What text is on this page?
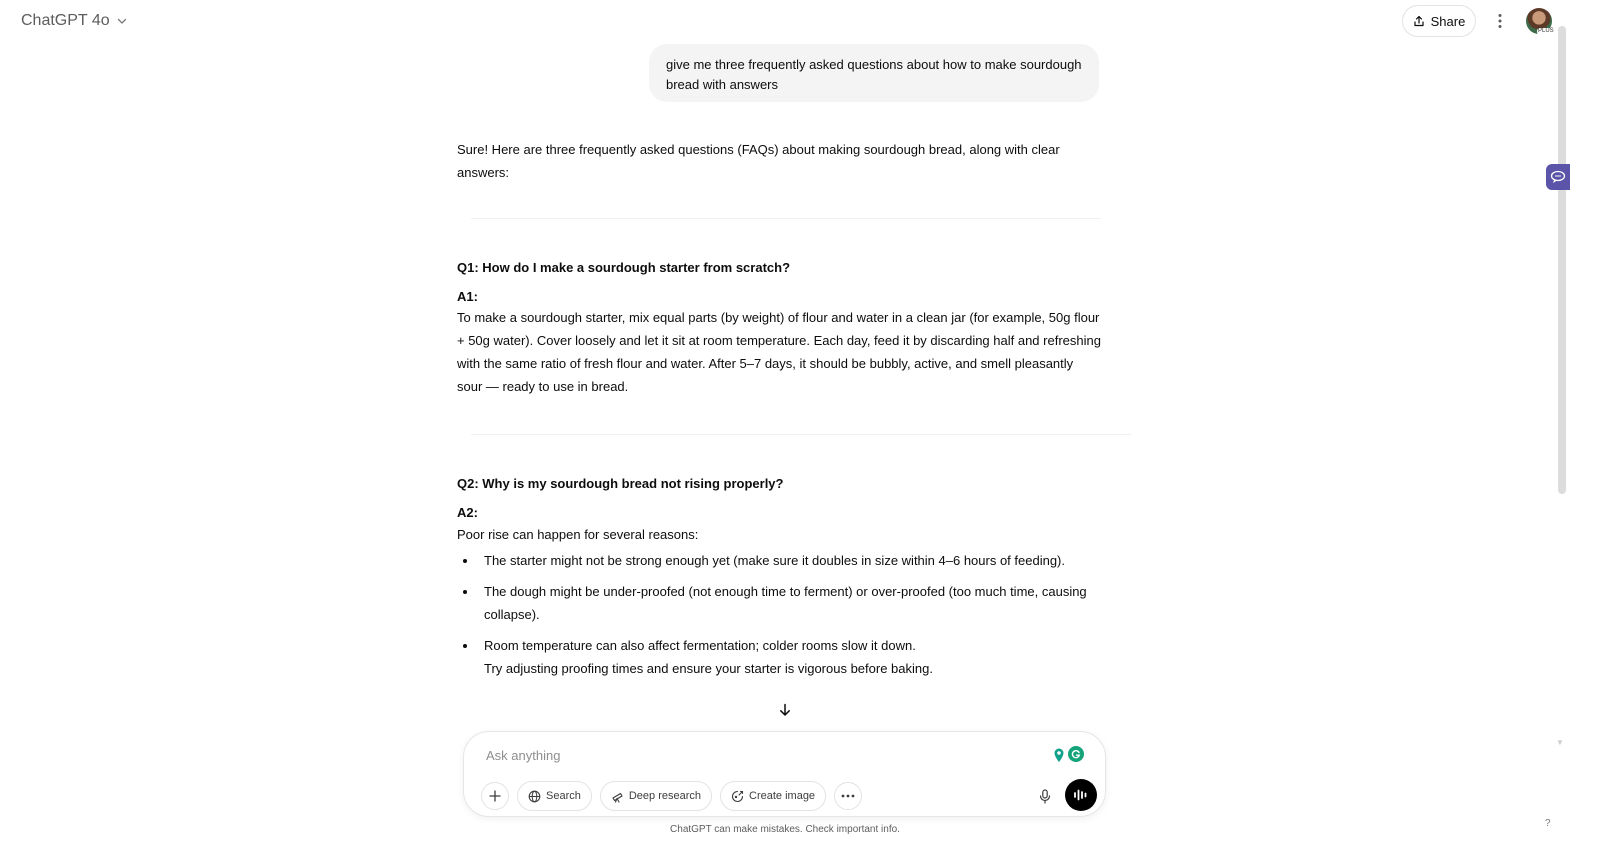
ChatGPT 4o	Share
PLUS
▼
give me three frequently asked questions about how to make sourdough bread with answers
Sure! Here are three frequently asked questions (FAQs) about making sourdough bread, along with clear answers:
Q1: How do I make a sourdough starter from scratch?
A1:
To make a sourdough starter, mix equal parts (by weight) of flour and water in a clean jar (for example, 50g flour + 50g water). Cover loosely and let it sit at room temperature. Each day, feed it by discarding half and refreshing with the same ratio of fresh flour and water. After 5–7 days, it should be bubbly, active, and smell pleasantly sour — ready to use in bread.
Q2: Why is my sourdough bread not rising properly?
A2:
Poor rise can happen for several reasons:
The starter might not be strong enough yet (make sure it doubles in size within 4–6 hours of feeding).
The dough might be under-proofed (not enough time to ferment) or over-proofed (too much time, causing collapse).
Room temperature can also affect fermentation; colder rooms slow it down.
Try adjusting proofing times and ensure your starter is vigorous before baking.
Ask anything
Search	Deep research	Create image
ChatGPT can make mistakes. Check important info.
?
